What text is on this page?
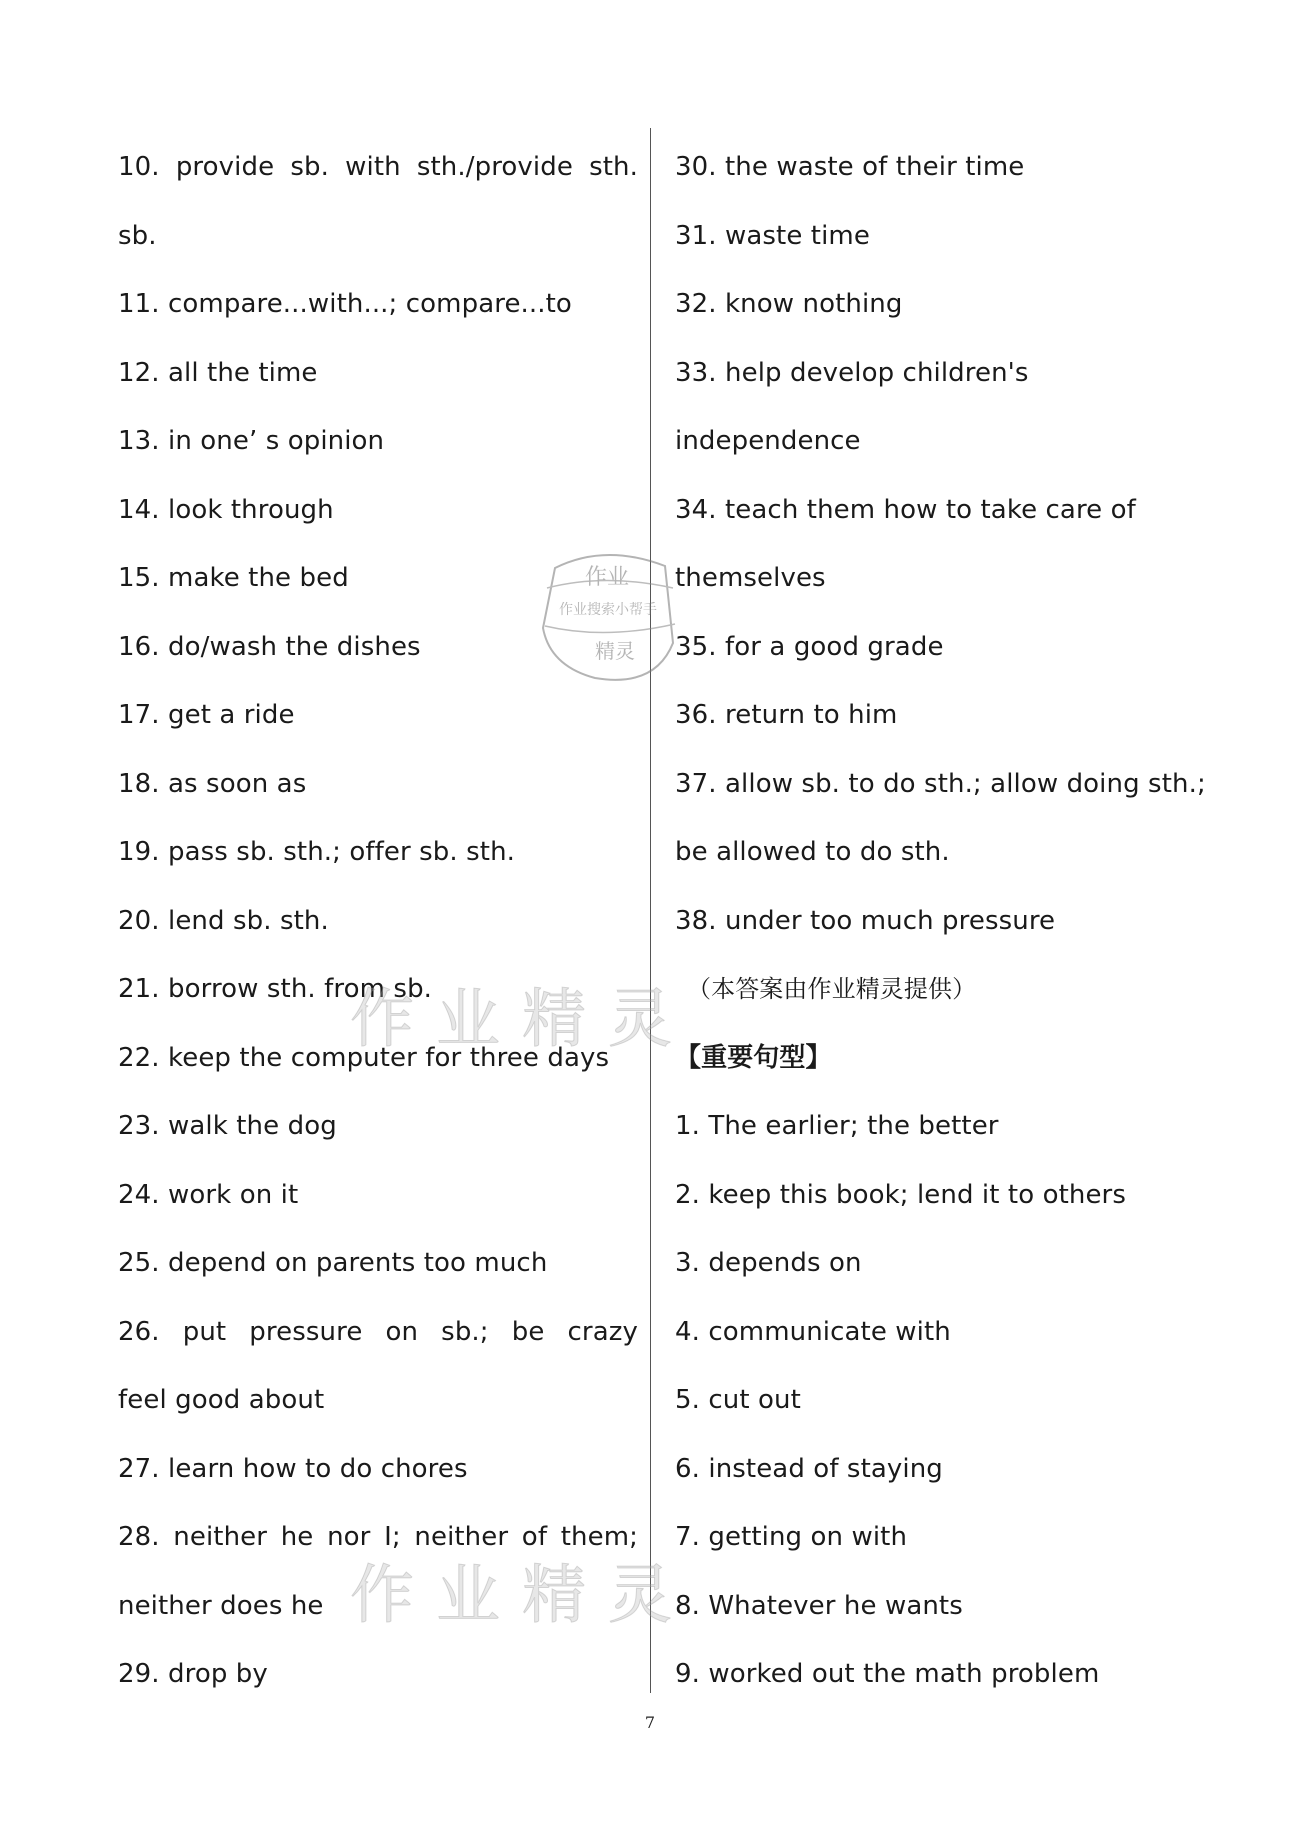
10. provide sb. with sth./provide sth.
sb.
11. compare...with...; compare...to
12. all the time
13. in one’ s opinion
14. look through
15. make the bed
16. do/wash the dishes
17. get a ride
18. as soon as
19. pass sb. sth.; offer sb. sth.
20. lend sb. sth.
21. borrow sth. from sb.
22. keep the computer for three days
23. walk the dog
24. work on it
25. depend on parents too much
26. put pressure on sb.; be crazy
feel good about
27. learn how to do chores
28. neither he nor I; neither of them;
neither does he
29. drop by
30. the waste of their time
31. waste time
32. know nothing
33. help develop children's
independence
34. teach them how to take care of
themselves
35. for a good grade
36. return to him
37. allow sb. to do sth.; allow doing sth.;
be allowed to do sth.
38. under too much pressure
（本答案由作业精灵提供）
【重要句型】
1. The earlier; the better
2. keep this book; lend it to others
3. depends on
4. communicate with
5. cut out
6. instead of staying
7. getting on with
8. Whatever he wants
9. worked out the math problem
作业
作业搜索小帮手
精灵
作业精灵
作业精灵
7
